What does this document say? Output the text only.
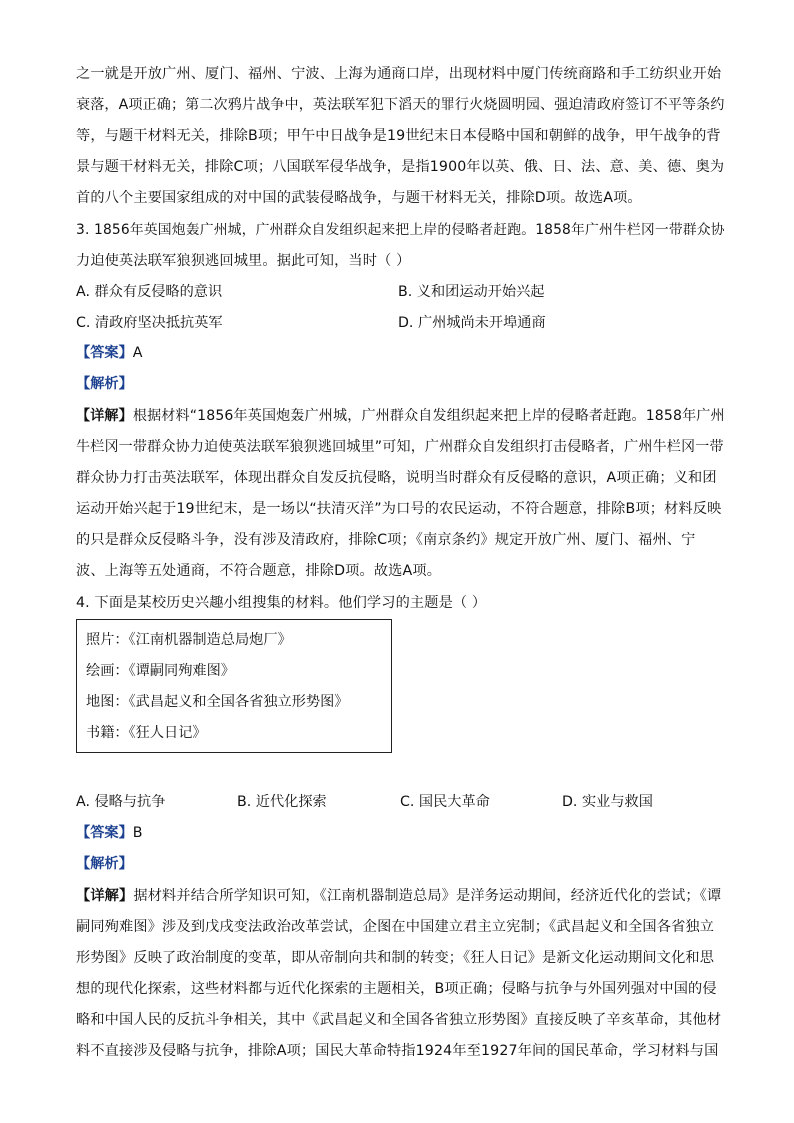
之一就是开放广州、厦门、福州、宁波、上海为通商口岸，出现材料中厦门传统商路和手工纺织业开始
衰落，A项正确；第二次鸦片战争中，英法联军犯下滔天的罪行火烧圆明园、强迫清政府签订不平等条约
等，与题干材料无关，排除B项；甲午中日战争是19世纪末日本侵略中国和朝鲜的战争，甲午战争的背
景与题干材料无关，排除C项；八国联军侵华战争，是指1900年以英、俄、日、法、意、美、德、奥为
首的八个主要国家组成的对中国的武装侵略战争，与题干材料无关，排除D项。故选A项。
3. 1856年英国炮轰广州城，广州群众自发组织起来把上岸的侵略者赶跑。1858年广州牛栏冈一带群众协
力迫使英法联军狼狈逃回城里。据此可知，当时（ ）
A. 群众有反侵略的意识	B. 义和团运动开始兴起
C. 清政府坚决抵抗英军	D. 广州城尚未开埠通商
【答案】A
【解析】
【详解】根据材料“1856年英国炮轰广州城，广州群众自发组织起来把上岸的侵略者赶跑。1858年广州
牛栏冈一带群众协力迫使英法联军狼狈逃回城里”可知，广州群众自发组织打击侵略者，广州牛栏冈一带
群众协力打击英法联军，体现出群众自发反抗侵略，说明当时群众有反侵略的意识，A项正确；义和团
运动开始兴起于19世纪末，是一场以“扶清灭洋”为口号的农民运动，不符合题意，排除B项；材料反映
的只是群众反侵略斗争，没有涉及清政府，排除C项；《南京条约》规定开放广州、厦门、福州、宁
波、上海等五处通商，不符合题意，排除D项。故选A项。
4. 下面是某校历史兴趣小组搜集的材料。他们学习的主题是（ ）
照片：《江南机器制造总局炮厂》
绘画：《谭嗣同殉难图》
地图：《武昌起义和全国各省独立形势图》
书籍：《狂人日记》
A. 侵略与抗争	B. 近代化探索	C. 国民大革命	D. 实业与救国
【答案】B
【解析】
【详解】据材料并结合所学知识可知，《江南机器制造总局》是洋务运动期间，经济近代化的尝试；《谭
嗣同殉难图》涉及到戊戌变法政治改革尝试，企图在中国建立君主立宪制；《武昌起义和全国各省独立
形势图》反映了政治制度的变革，即从帝制向共和制的转变；《狂人日记》是新文化运动期间文化和思
想的现代化探索，这些材料都与近代化探索的主题相关，B项正确；侵略与抗争与外国列强对中国的侵
略和中国人民的反抗斗争相关，其中《武昌起义和全国各省独立形势图》直接反映了辛亥革命，其他材
料不直接涉及侵略与抗争，排除A项；国民大革命特指1924年至1927年间的国民革命，学习材料与国
